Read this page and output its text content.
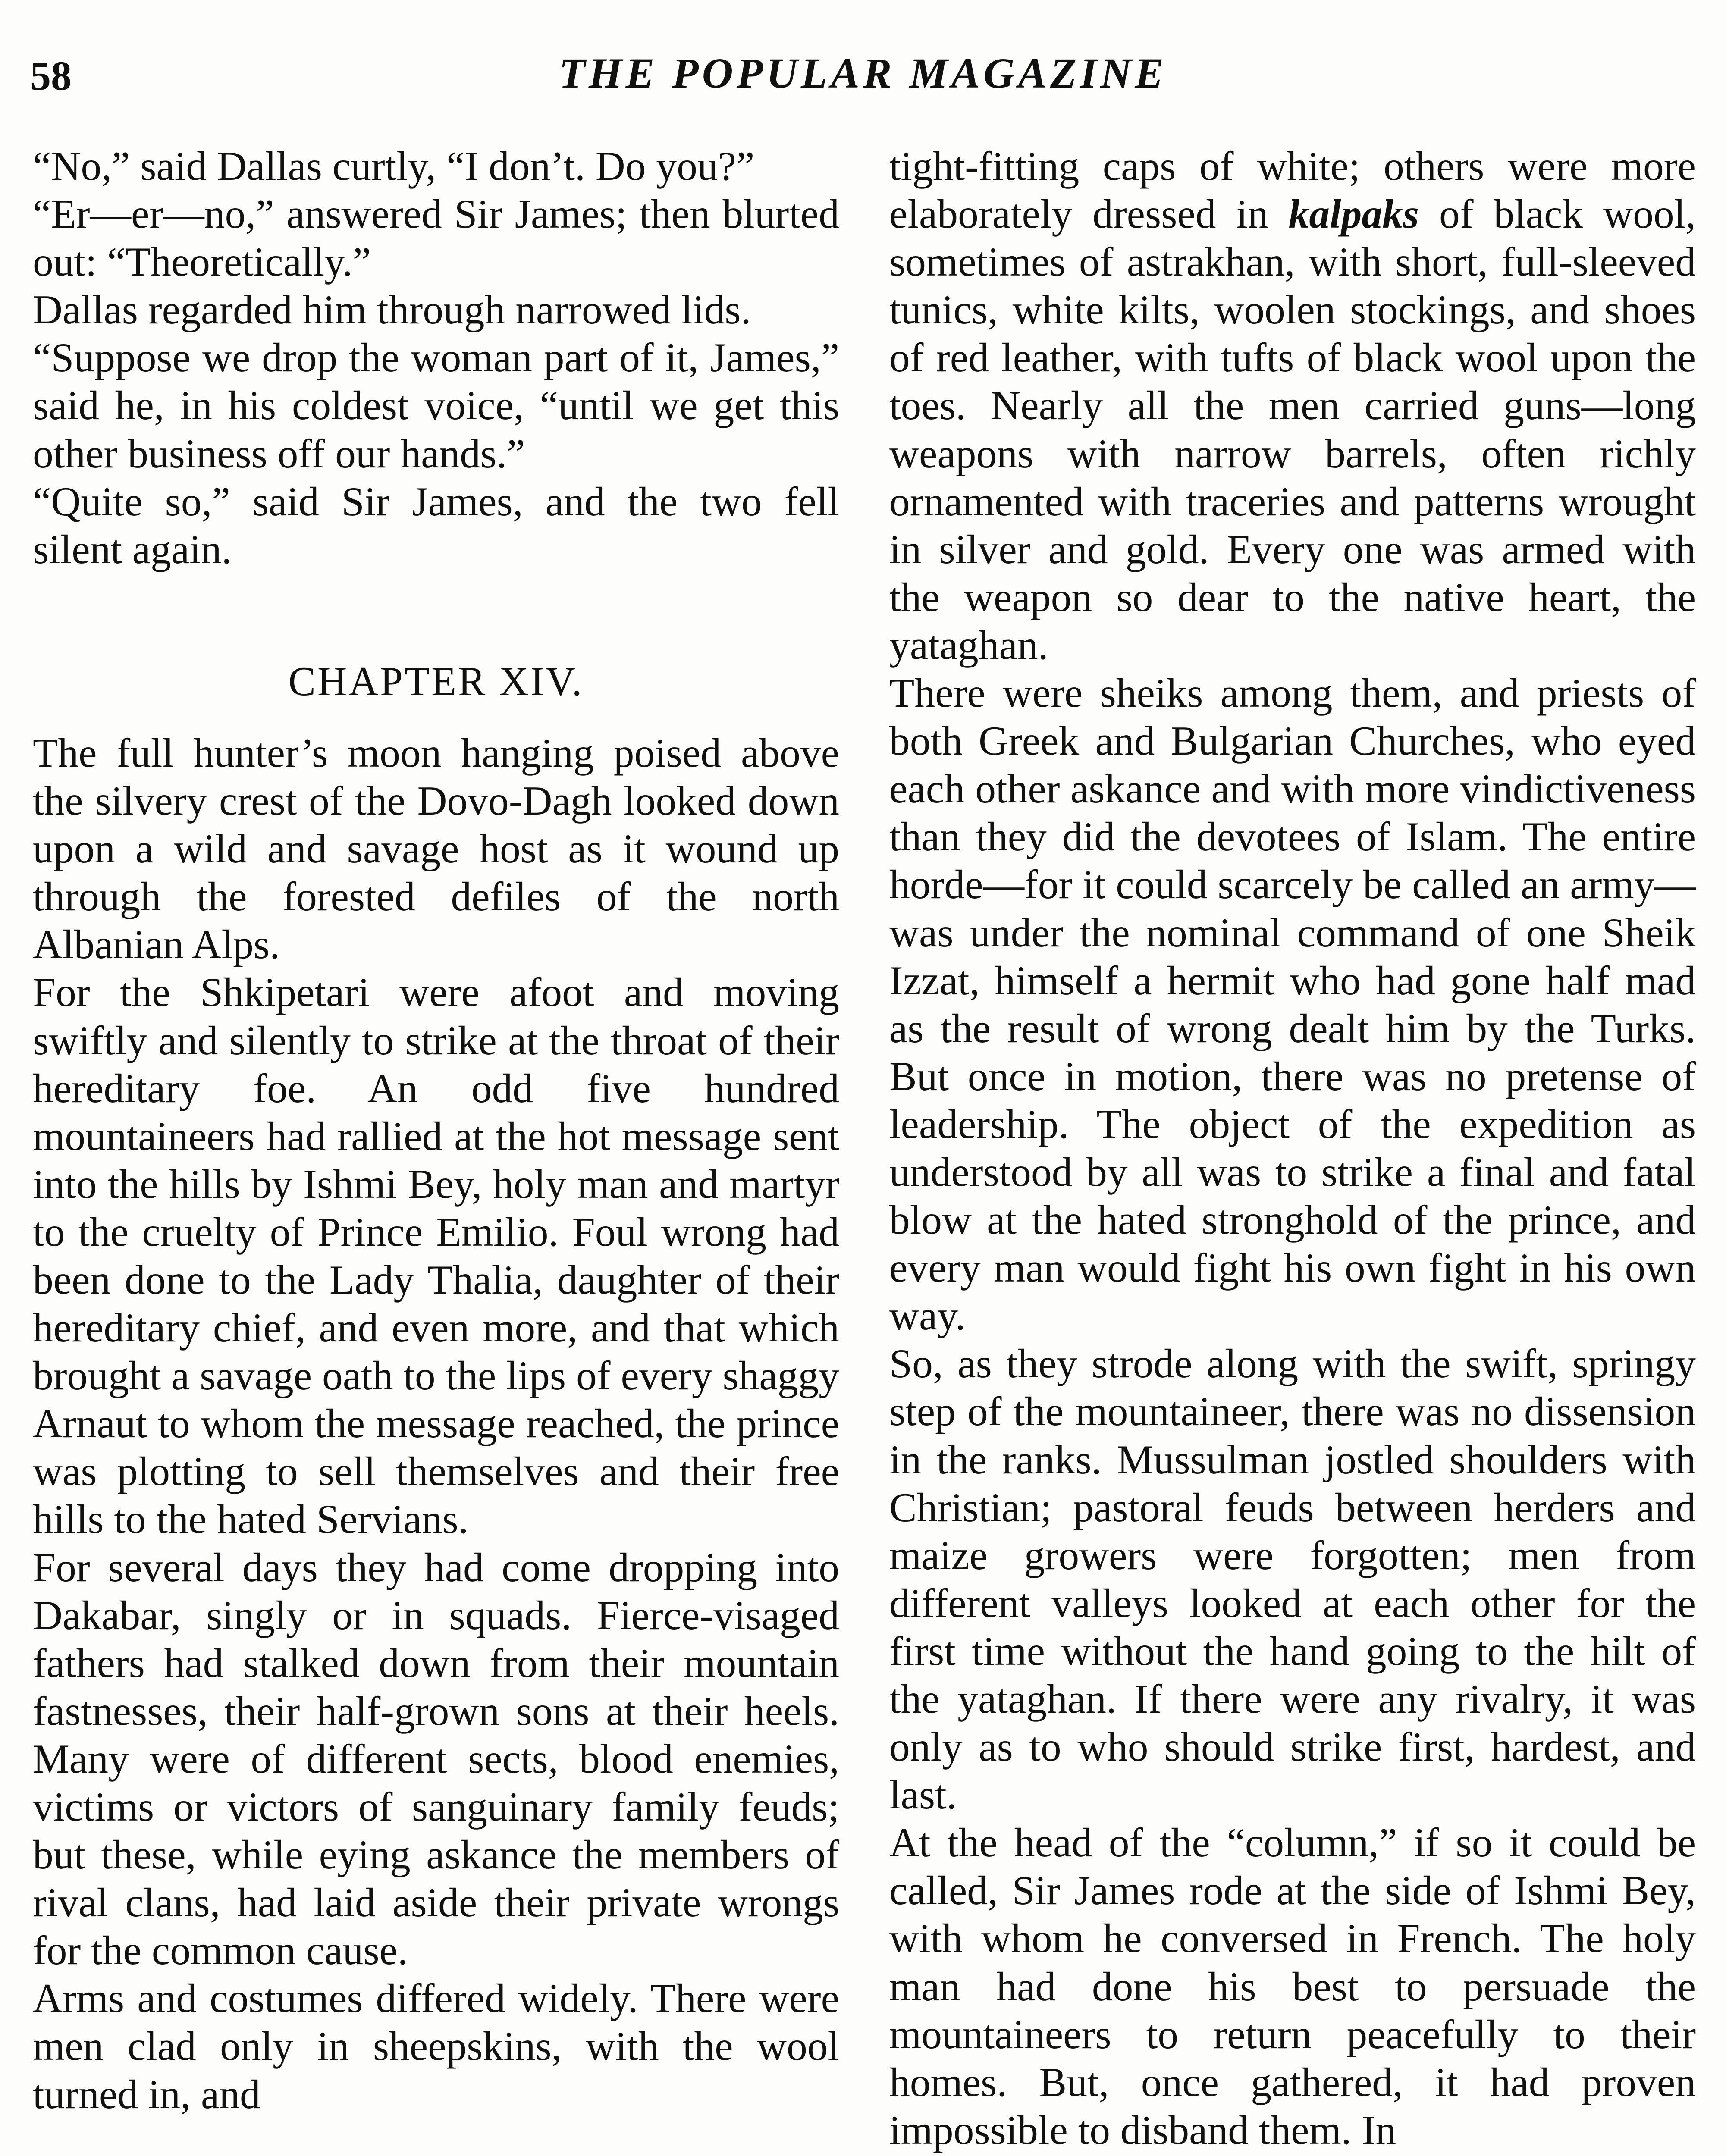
58	THE POPULAR MAGAZINE

“No,” said Dallas curtly, “I don’t. Do you?”

“Er—er—no,” answered Sir James; then blurted out: “Theoretically.”

Dallas regarded him through narrowed lids.

“Suppose we drop the woman part of it, James,” said he, in his coldest voice, “until we get this other business off our hands.”

“Quite so,” said Sir James, and the two fell silent again.

CHAPTER XIV.

The full hunter’s moon hanging poised above the silvery crest of the Dovo-Dagh looked down upon a wild and savage host as it wound up through the forested defiles of the north Albanian Alps.

For the Shkipetari were afoot and moving swiftly and silently to strike at the throat of their hereditary foe. An odd five hundred mountaineers had rallied at the hot message sent into the hills by Ishmi Bey, holy man and martyr to the cruelty of Prince Emilio. Foul wrong had been done to the Lady Thalia, daughter of their hereditary chief, and even more, and that which brought a savage oath to the lips of every shaggy Arnaut to whom the message reached, the prince was plotting to sell themselves and their free hills to the hated Servians.

For several days they had come dropping into Dakabar, singly or in squads. Fierce-visaged fathers had stalked down from their mountain fastnesses, their half-grown sons at their heels. Many were of different sects, blood enemies, victims or victors of sanguinary family feuds; but these, while eying askance the members of rival clans, had laid aside their private wrongs for the common cause.

Arms and costumes differed widely. There were men clad only in sheepskins, with the wool turned in, and

tight-fitting caps of white; others were more elaborately dressed in kalpaks of black wool, sometimes of astrakhan, with short, full-sleeved tunics, white kilts, woolen stockings, and shoes of red leather, with tufts of black wool upon the toes. Nearly all the men carried guns—long weapons with narrow barrels, often richly ornamented with traceries and patterns wrought in silver and gold. Every one was armed with the weapon so dear to the native heart, the yataghan.

There were sheiks among them, and priests of both Greek and Bulgarian Churches, who eyed each other askance and with more vindictiveness than they did the devotees of Islam. The entire horde—for it could scarcely be called an army—was under the nominal command of one Sheik Izzat, himself a hermit who had gone half mad as the result of wrong dealt him by the Turks. But once in motion, there was no pretense of leadership. The object of the expedition as understood by all was to strike a final and fatal blow at the hated stronghold of the prince, and every man would fight his own fight in his own way.

So, as they strode along with the swift, springy step of the mountaineer, there was no dissension in the ranks. Mussulman jostled shoulders with Christian; pastoral feuds between herders and maize growers were forgotten; men from different valleys looked at each other for the first time without the hand going to the hilt of the yataghan. If there were any rivalry, it was only as to who should strike first, hardest, and last.

At the head of the “column,” if so it could be called, Sir James rode at the side of Ishmi Bey, with whom he conversed in French. The holy man had done his best to persuade the mountaineers to return peacefully to their homes. But, once gathered, it had proven impossible to disband them. In
